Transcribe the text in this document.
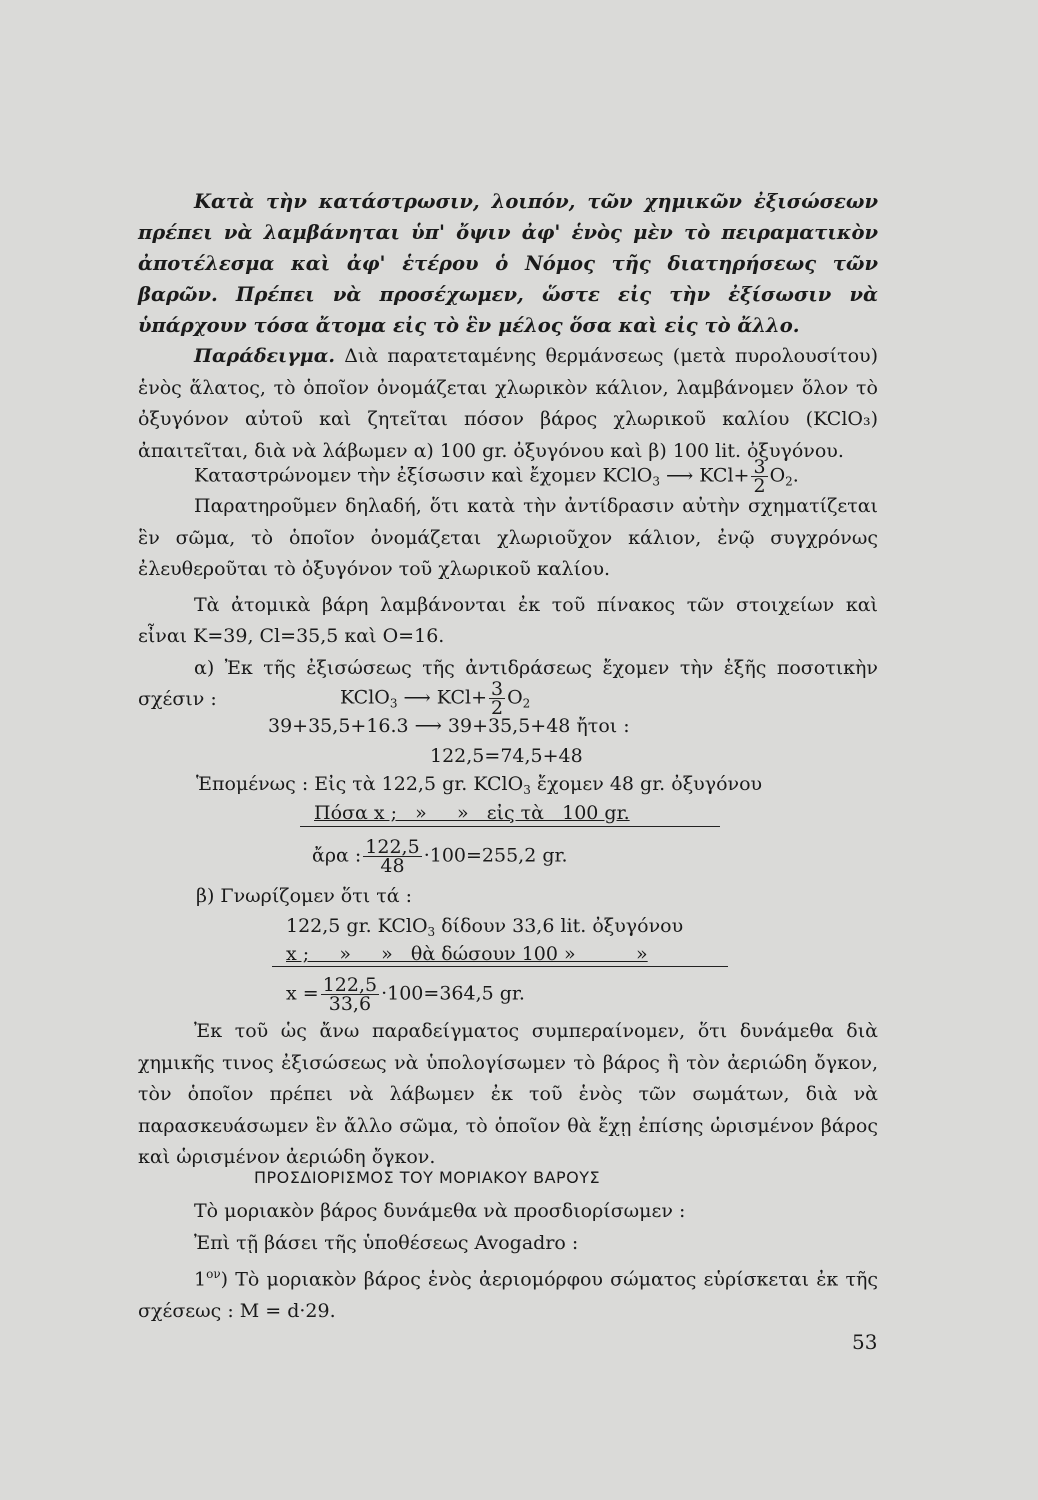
Κατὰ τὴν κατάστρωσιν, λοιπόν, τῶν χημικῶν ἐξισώσεων πρέπει νὰ λαμβάνηται ὑπ' ὄψιν ἀφ' ἑνὸς μὲν τὸ πειραματικὸν ἀποτέλεσμα καὶ ἀφ' ἑτέρου ὁ Νόμος τῆς διατηρήσεως τῶν βαρῶν. Πρέπει νὰ προσέχωμεν, ὥστε εἰς τὴν ἐξίσωσιν νὰ ὑπάρχουν τόσα ἄτομα εἰς τὸ ἓν μέλος ὅσα καὶ εἰς τὸ ἄλλο.

Παράδειγμα. Διὰ παρατεταμένης θερμάνσεως (μετὰ πυρολουσίτου) ἑνὸς ἅλατος, τὸ ὁποῖον ὀνομάζεται χλωρικὸν κάλιον, λαμβάνομεν ὅλον τὸ ὀξυγόνον αὐτοῦ καὶ ζητεῖται πόσον βάρος χλωρικοῦ καλίου (KClO₃) ἀπαιτεῖται, διὰ νὰ λάβωμεν α) 100 gr. ὀξυγόνου καὶ β) 100 lit. ὀξυγόνου.

Καταστρώνομεν τὴν ἐξίσωσιν καὶ ἔχομεν KClO$_3$ ⟶ $KCl+ \frac{3}{2} O_2$.

Παρατηροῦμεν δηλαδή, ὅτι κατὰ τὴν ἀντίδρασιν αὐτὴν σχηματίζεται ἓν σῶμα, τὸ ὁποῖον ὀνομάζεται χλωριοῦχον κάλιον, ἐνῷ συγχρόνως ἐλευθεροῦται τὸ ὀξυγόνον τοῦ χλωρικοῦ καλίου.

Τὰ ἀτομικὰ βάρη λαμβάνονται ἐκ τοῦ πίνακος τῶν στοιχείων καὶ εἶναι K=39, Cl=35,5 καὶ O=16.

α) Ἐκ τῆς ἐξισώσεως τῆς ἀντιδράσεως ἔχομεν τὴν ἑξῆς ποσοτικὴν σχέσιν :	KClO$_3$ ⟶ $KCl+ \frac{3}{2} O_2$
39+35,5+16.3 ⟶ 39+35,5+48 ἤτοι :
122,5=74,5+48
Ἑπομένως : Εἰς τὰ 122,5 gr. KClO$_3$ ἔχομεν 48 gr. ὀξυγόνου
Πόσα x ;   »     »   εἰς τὰ   100 gr.
ἄρα : $\frac{122,5}{48} \cdot 100=255,2$ gr.
β) Γνωρίζομεν ὅτι τά :
122,5 gr. KClO$_3$ δίδουν 33,6 lit. ὀξυγόνου
x ;     »     »   θὰ δώσουν 100 »          »
$x = \frac{122,5}{33,6} \cdot 100=364,5$ gr.

Ἐκ τοῦ ὡς ἄνω παραδείγματος συμπεραίνομεν, ὅτι δυνάμεθα διὰ χημικῆς τινος ἐξισώσεως νὰ ὑπολογίσωμεν τὸ βάρος ἢ τὸν ἀεριώδη ὄγκον, τὸν ὁποῖον πρέπει νὰ λάβωμεν ἐκ τοῦ ἑνὸς τῶν σωμάτων, διὰ νὰ παρασκευάσωμεν ἓν ἄλλο σῶμα, τὸ ὁποῖον θὰ ἔχῃ ἐπίσης ὡρισμένον βάρος καὶ ὡρισμένον ἀεριώδη ὄγκον.

ΠΡΟΣΔΙΟΡΙΣΜΟΣ ΤΟΥ ΜΟΡΙΑΚΟΥ ΒΑΡΟΥΣ

Τὸ μοριακὸν βάρος δυνάμεθα νὰ προσδιορίσωμεν :

Ἐπὶ τῇ βάσει τῆς ὑποθέσεως Avogadro :

$1^{o\nu}$) Τὸ μοριακὸν βάρος ἑνὸς ἀεριομόρφου σώματος εὑρίσκεται ἐκ τῆς σχέσεως : M = d·29.

53
